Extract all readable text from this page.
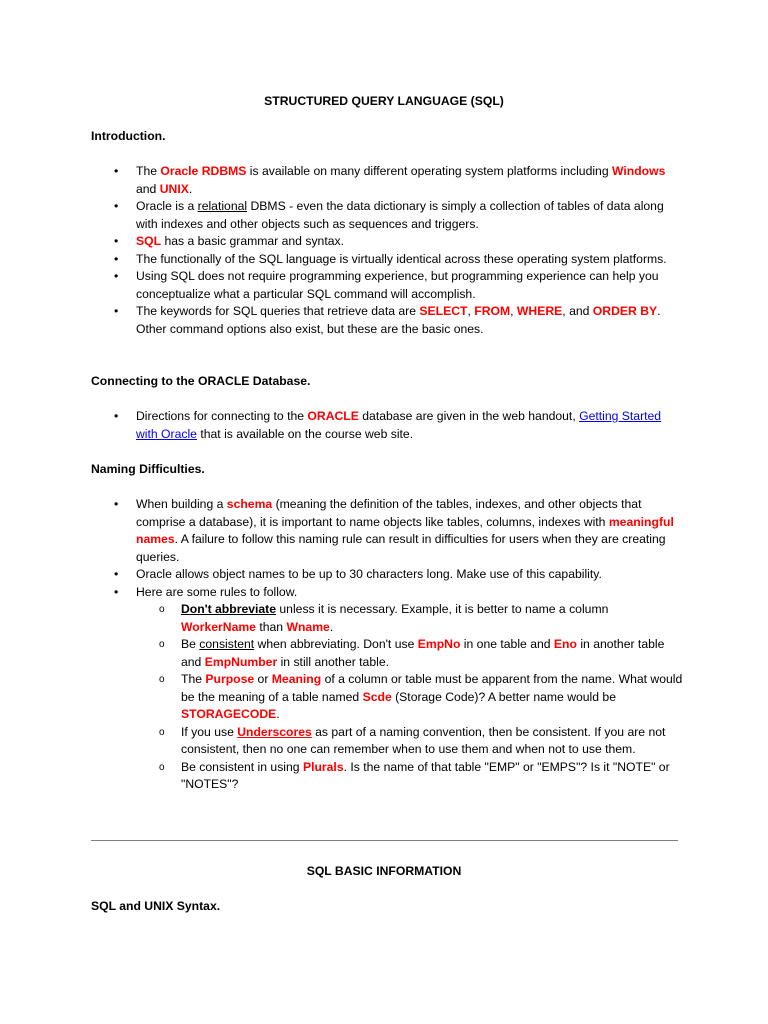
STRUCTURED QUERY LANGUAGE (SQL)
Introduction.
• The Oracle RDBMS is available on many different operating system platforms including Windows and UNIX.
• Oracle is a relational DBMS - even the data dictionary is simply a collection of tables of data along with indexes and other objects such as sequences and triggers.
• SQL has a basic grammar and syntax.
• The functionally of the SQL language is virtually identical across these operating system platforms.
• Using SQL does not require programming experience, but programming experience can help you conceptualize what a particular SQL command will accomplish.
• The keywords for SQL queries that retrieve data are SELECT, FROM, WHERE, and ORDER BY. Other command options also exist, but these are the basic ones.
Connecting to the ORACLE Database.
• Directions for connecting to the ORACLE database are given in the web handout, Getting Started with Oracle that is available on the course web site.
Naming Difficulties.
• When building a schema (meaning the definition of the tables, indexes, and other objects that comprise a database), it is important to name objects like tables, columns, indexes with meaningful names. A failure to follow this naming rule can result in difficulties for users when they are creating queries.
• Oracle allows object names to be up to 30 characters long. Make use of this capability.
• Here are some rules to follow.
o Don't abbreviate unless it is necessary. Example, it is better to name a column WorkerName than Wname.
o Be consistent when abbreviating. Don't use EmpNo in one table and Eno in another table and EmpNumber in still another table.
o The Purpose or Meaning of a column or table must be apparent from the name. What would be the meaning of a table named Scde (Storage Code)? A better name would be STORAGECODE.
o If you use Underscores as part of a naming convention, then be consistent. If you are not consistent, then no one can remember when to use them and when not to use them.
o Be consistent in using Plurals. Is the name of that table "EMP" or "EMPS"? Is it "NOTE" or "NOTES"?
SQL BASIC INFORMATION
SQL and UNIX Syntax.
